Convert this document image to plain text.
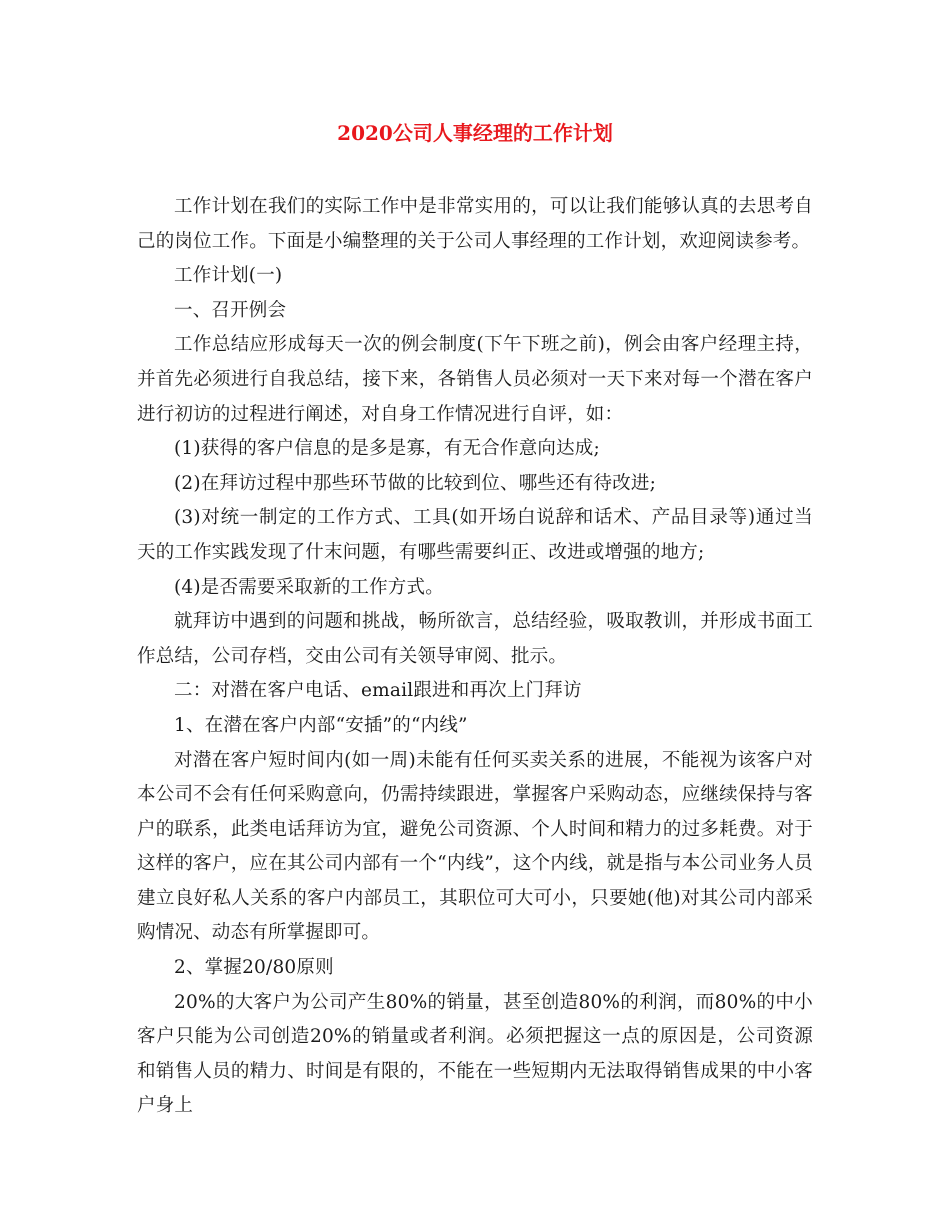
2020公司人事经理的工作计划

工作计划在我们的实际工作中是非常实用的，可以让我们能够认真的去思考自己的岗位工作。下面是小编整理的关于公司人事经理的工作计划，欢迎阅读参考。

工作计划(一)

一、召开例会

工作总结应形成每天一次的例会制度(下午下班之前)，例会由客户经理主持，并首先必须进行自我总结，接下来，各销售人员必须对一天下来对每一个潜在客户进行初访的过程进行阐述，对自身工作情况进行自评，如：

(1)获得的客户信息的是多是寡，有无合作意向达成;

(2)在拜访过程中那些环节做的比较到位、哪些还有待改进;

(3)对统一制定的工作方式、工具(如开场白说辞和话术、产品目录等)通过当天的工作实践发现了什末问题，有哪些需要纠正、改进或增强的地方;

(4)是否需要采取新的工作方式。

就拜访中遇到的问题和挑战，畅所欲言，总结经验，吸取教训，并形成书面工作总结，公司存档，交由公司有关领导审阅、批示。

二：对潜在客户电话、email跟进和再次上门拜访

1、在潜在客户内部“安插”的“内线”

对潜在客户短时间内(如一周)未能有任何买卖关系的进展，不能视为该客户对本公司不会有任何采购意向，仍需持续跟进，掌握客户采购动态，应继续保持与客户的联系，此类电话拜访为宜，避免公司资源、个人时间和精力的过多耗费。对于这样的客户，应在其公司内部有一个“内线”，这个内线，就是指与本公司业务人员建立良好私人关系的客户内部员工，其职位可大可小，只要她(他)对其公司内部采购情况、动态有所掌握即可。

2、掌握20/80原则

20%的大客户为公司产生80%的销量，甚至创造80%的利润，而80%的中小客户只能为公司创造20%的销量或者利润。必须把握这一点的原因是，公司资源和销售人员的精力、时间是有限的，不能在一些短期内无法取得销售成果的中小客户身上
